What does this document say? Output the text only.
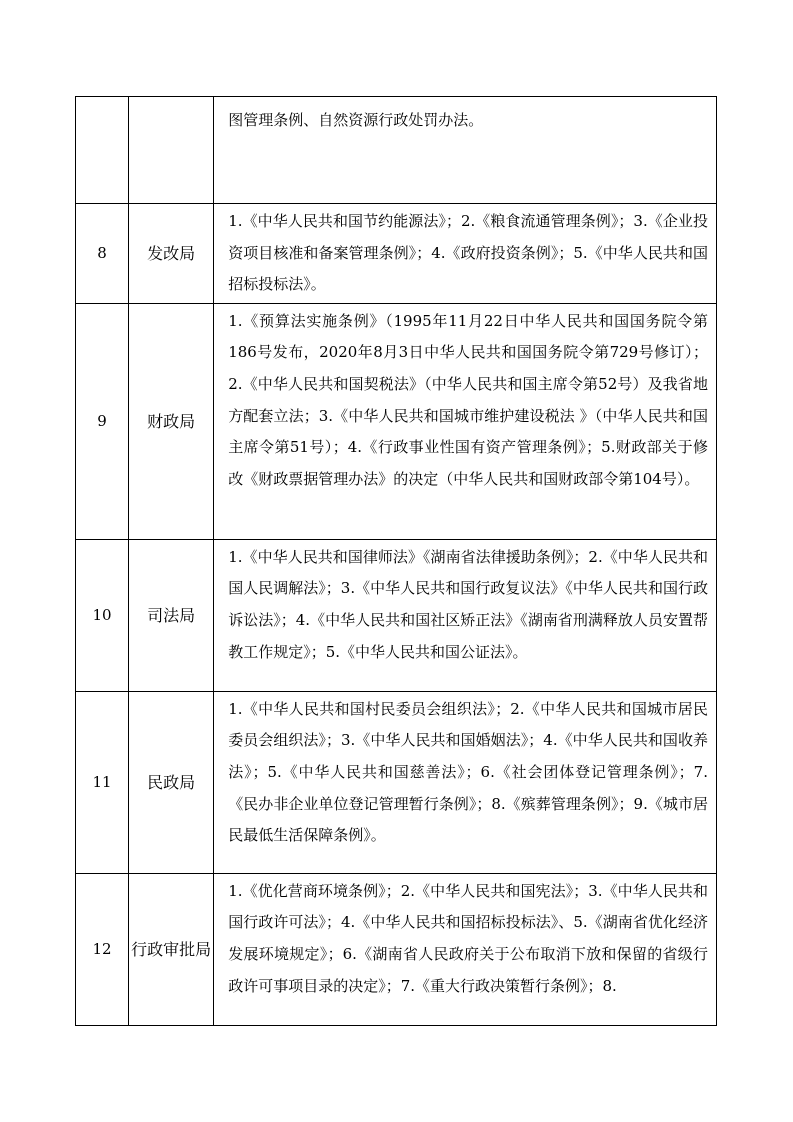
		图管理条例、自然资源行政处罚办法。
8	发改局	1.《中华人民共和国节约能源法》；2.《粮食流通管理条例》；3.《企业投资项目核准和备案管理条例》；4.《政府投资条例》；5.《中华人民共和国招标投标法》。
9	财政局	1.《预算法实施条例》（1995年11月22日中华人民共和国国务院令第186号发布，2020年8月3日中华人民共和国国务院令第729号修订）；2.《中华人民共和国契税法》（中华人民共和国主席令第52号）及我省地方配套立法；3.《中华人民共和国城市维护建设税法 》（中华人民共和国主席令第51号）；4.《行政事业性国有资产管理条例》；5.财政部关于修改《财政票据管理办法》的决定（中华人民共和国财政部令第104号）。
10	司法局	1.《中华人民共和国律师法》《湖南省法律援助条例》；2.《中华人民共和国人民调解法》；3.《中华人民共和国行政复议法》《中华人民共和国行政诉讼法》；4.《中华人民共和国社区矫正法》《湖南省刑满释放人员安置帮教工作规定》；5.《中华人民共和国公证法》。
11	民政局	1.《中华人民共和国村民委员会组织法》；2.《中华人民共和国城市居民委员会组织法》；3.《中华人民共和国婚姻法》；4.《中华人民共和国收养法》；5.《中华人民共和国慈善法》；6.《社会团体登记管理条例》；7.《民办非企业单位登记管理暂行条例》；8.《殡葬管理条例》；9.《城市居民最低生活保障条例》。
12	行政审批局	1.《优化营商环境条例》；2.《中华人民共和国宪法》；3.《中华人民共和国行政许可法》；4.《中华人民共和国招标投标法》、5.《湖南省优化经济发展环境规定》；6.《湖南省人民政府关于公布取消下放和保留的省级行政许可事项目录的决定》；7.《重大行政决策暂行条例》；8.
